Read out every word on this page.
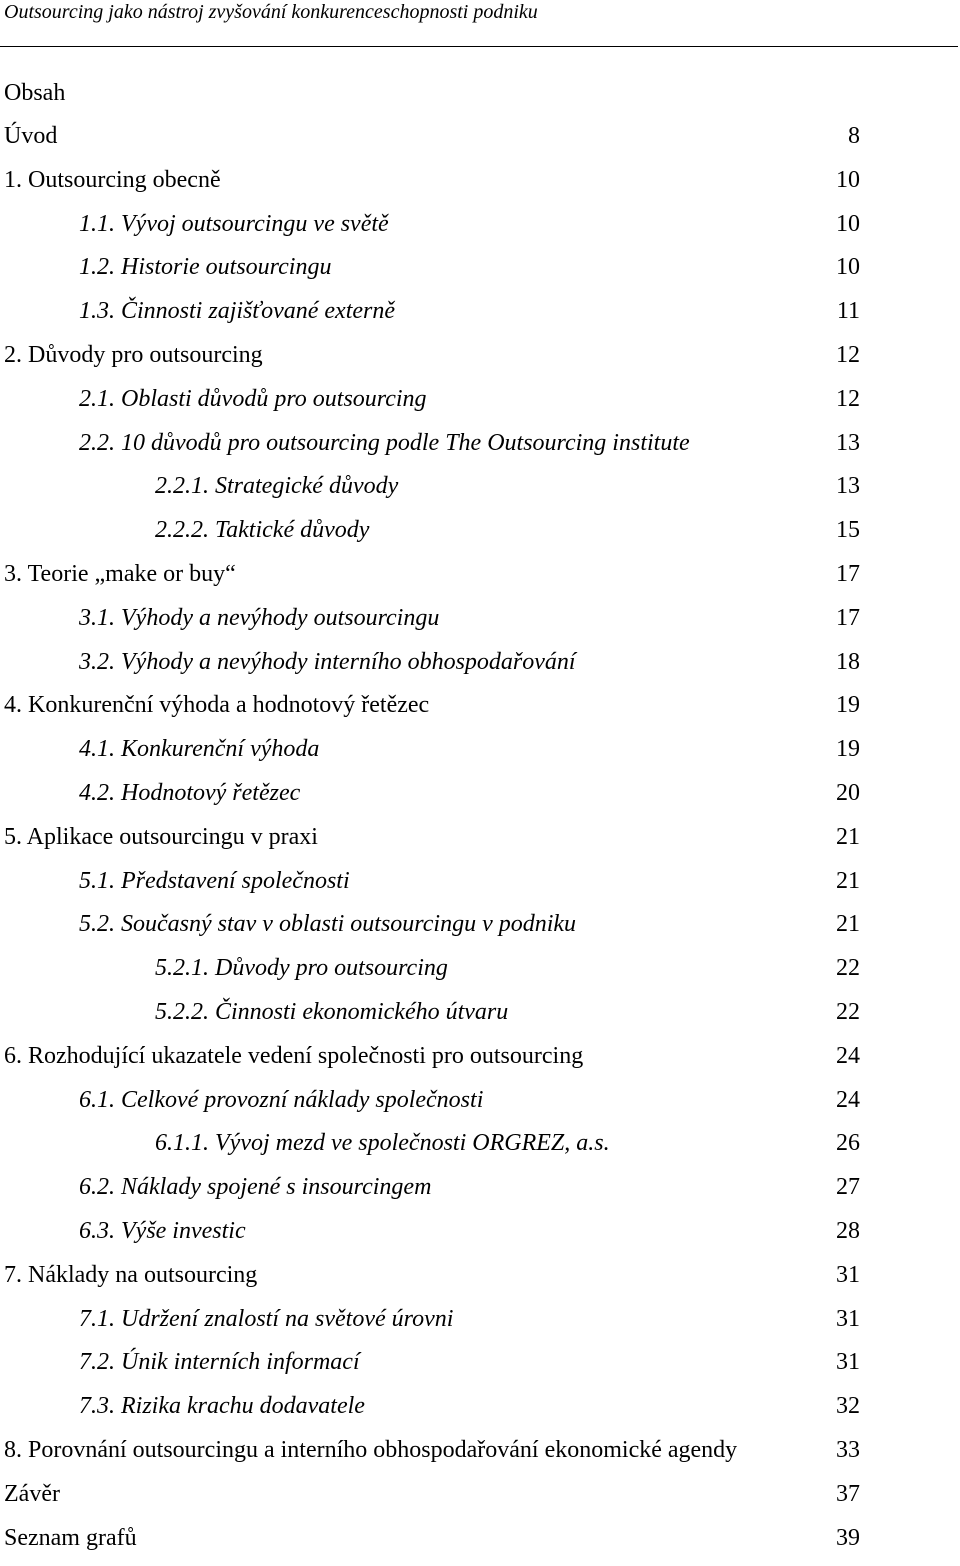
Outsourcing jako nástroj zvyšování konkurenceschopnosti podniku
Obsah
Úvod	8
1. Outsourcing obecně	10
1.1. Vývoj outsourcingu ve světě	10
1.2. Historie outsourcingu	10
1.3. Činnosti zajišťované externě	11
2. Důvody pro outsourcing	12
2.1. Oblasti důvodů pro outsourcing	12
2.2. 10 důvodů pro outsourcing podle The Outsourcing institute	13
2.2.1. Strategické důvody	13
2.2.2. Taktické důvody	15
3. Teorie „make or buy“	17
3.1. Výhody a nevýhody outsourcingu	17
3.2. Výhody a nevýhody interního obhospodařování	18
4. Konkurenční výhoda a hodnotový řetězec	19
4.1. Konkurenční výhoda	19
4.2. Hodnotový řetězec	20
5. Aplikace outsourcingu v praxi	21
5.1. Představení společnosti	21
5.2. Současný stav v oblasti outsourcingu v podniku	21
5.2.1. Důvody pro outsourcing	22
5.2.2. Činnosti ekonomického útvaru	22
6. Rozhodující ukazatele vedení společnosti pro outsourcing	24
6.1. Celkové provozní náklady společnosti	24
6.1.1. Vývoj mezd ve společnosti ORGREZ, a.s.	26
6.2. Náklady spojené s insourcingem	27
6.3. Výše investic	28
7. Náklady na outsourcing	31
7.1. Udržení znalostí na světové úrovni	31
7.2. Únik interních informací	31
7.3. Rizika krachu dodavatele	32
8. Porovnání outsourcingu a interního obhospodařování ekonomické agendy	33
Závěr	37
Seznam grafů	39
